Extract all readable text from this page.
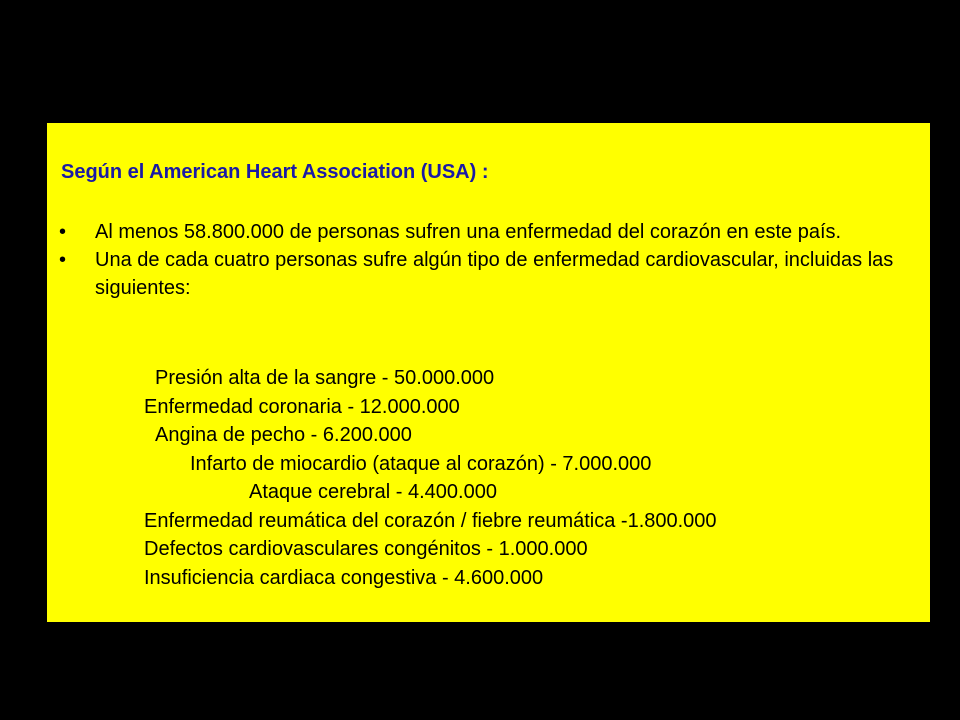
Según el American Heart Association (USA) :
• Al menos 58.800.000 de personas sufren una enfermedad del corazón en este país.
• Una de cada cuatro personas sufre algún tipo de enfermedad cardiovascular, incluidas las siguientes:
Presión alta de la sangre - 50.000.000
Enfermedad coronaria - 12.000.000
Angina de pecho - 6.200.000
Infarto de miocardio (ataque al corazón) - 7.000.000
Ataque cerebral - 4.400.000
Enfermedad reumática del corazón / fiebre reumática -1.800.000
Defectos cardiovasculares congénitos - 1.000.000
Insuficiencia cardiaca congestiva - 4.600.000
